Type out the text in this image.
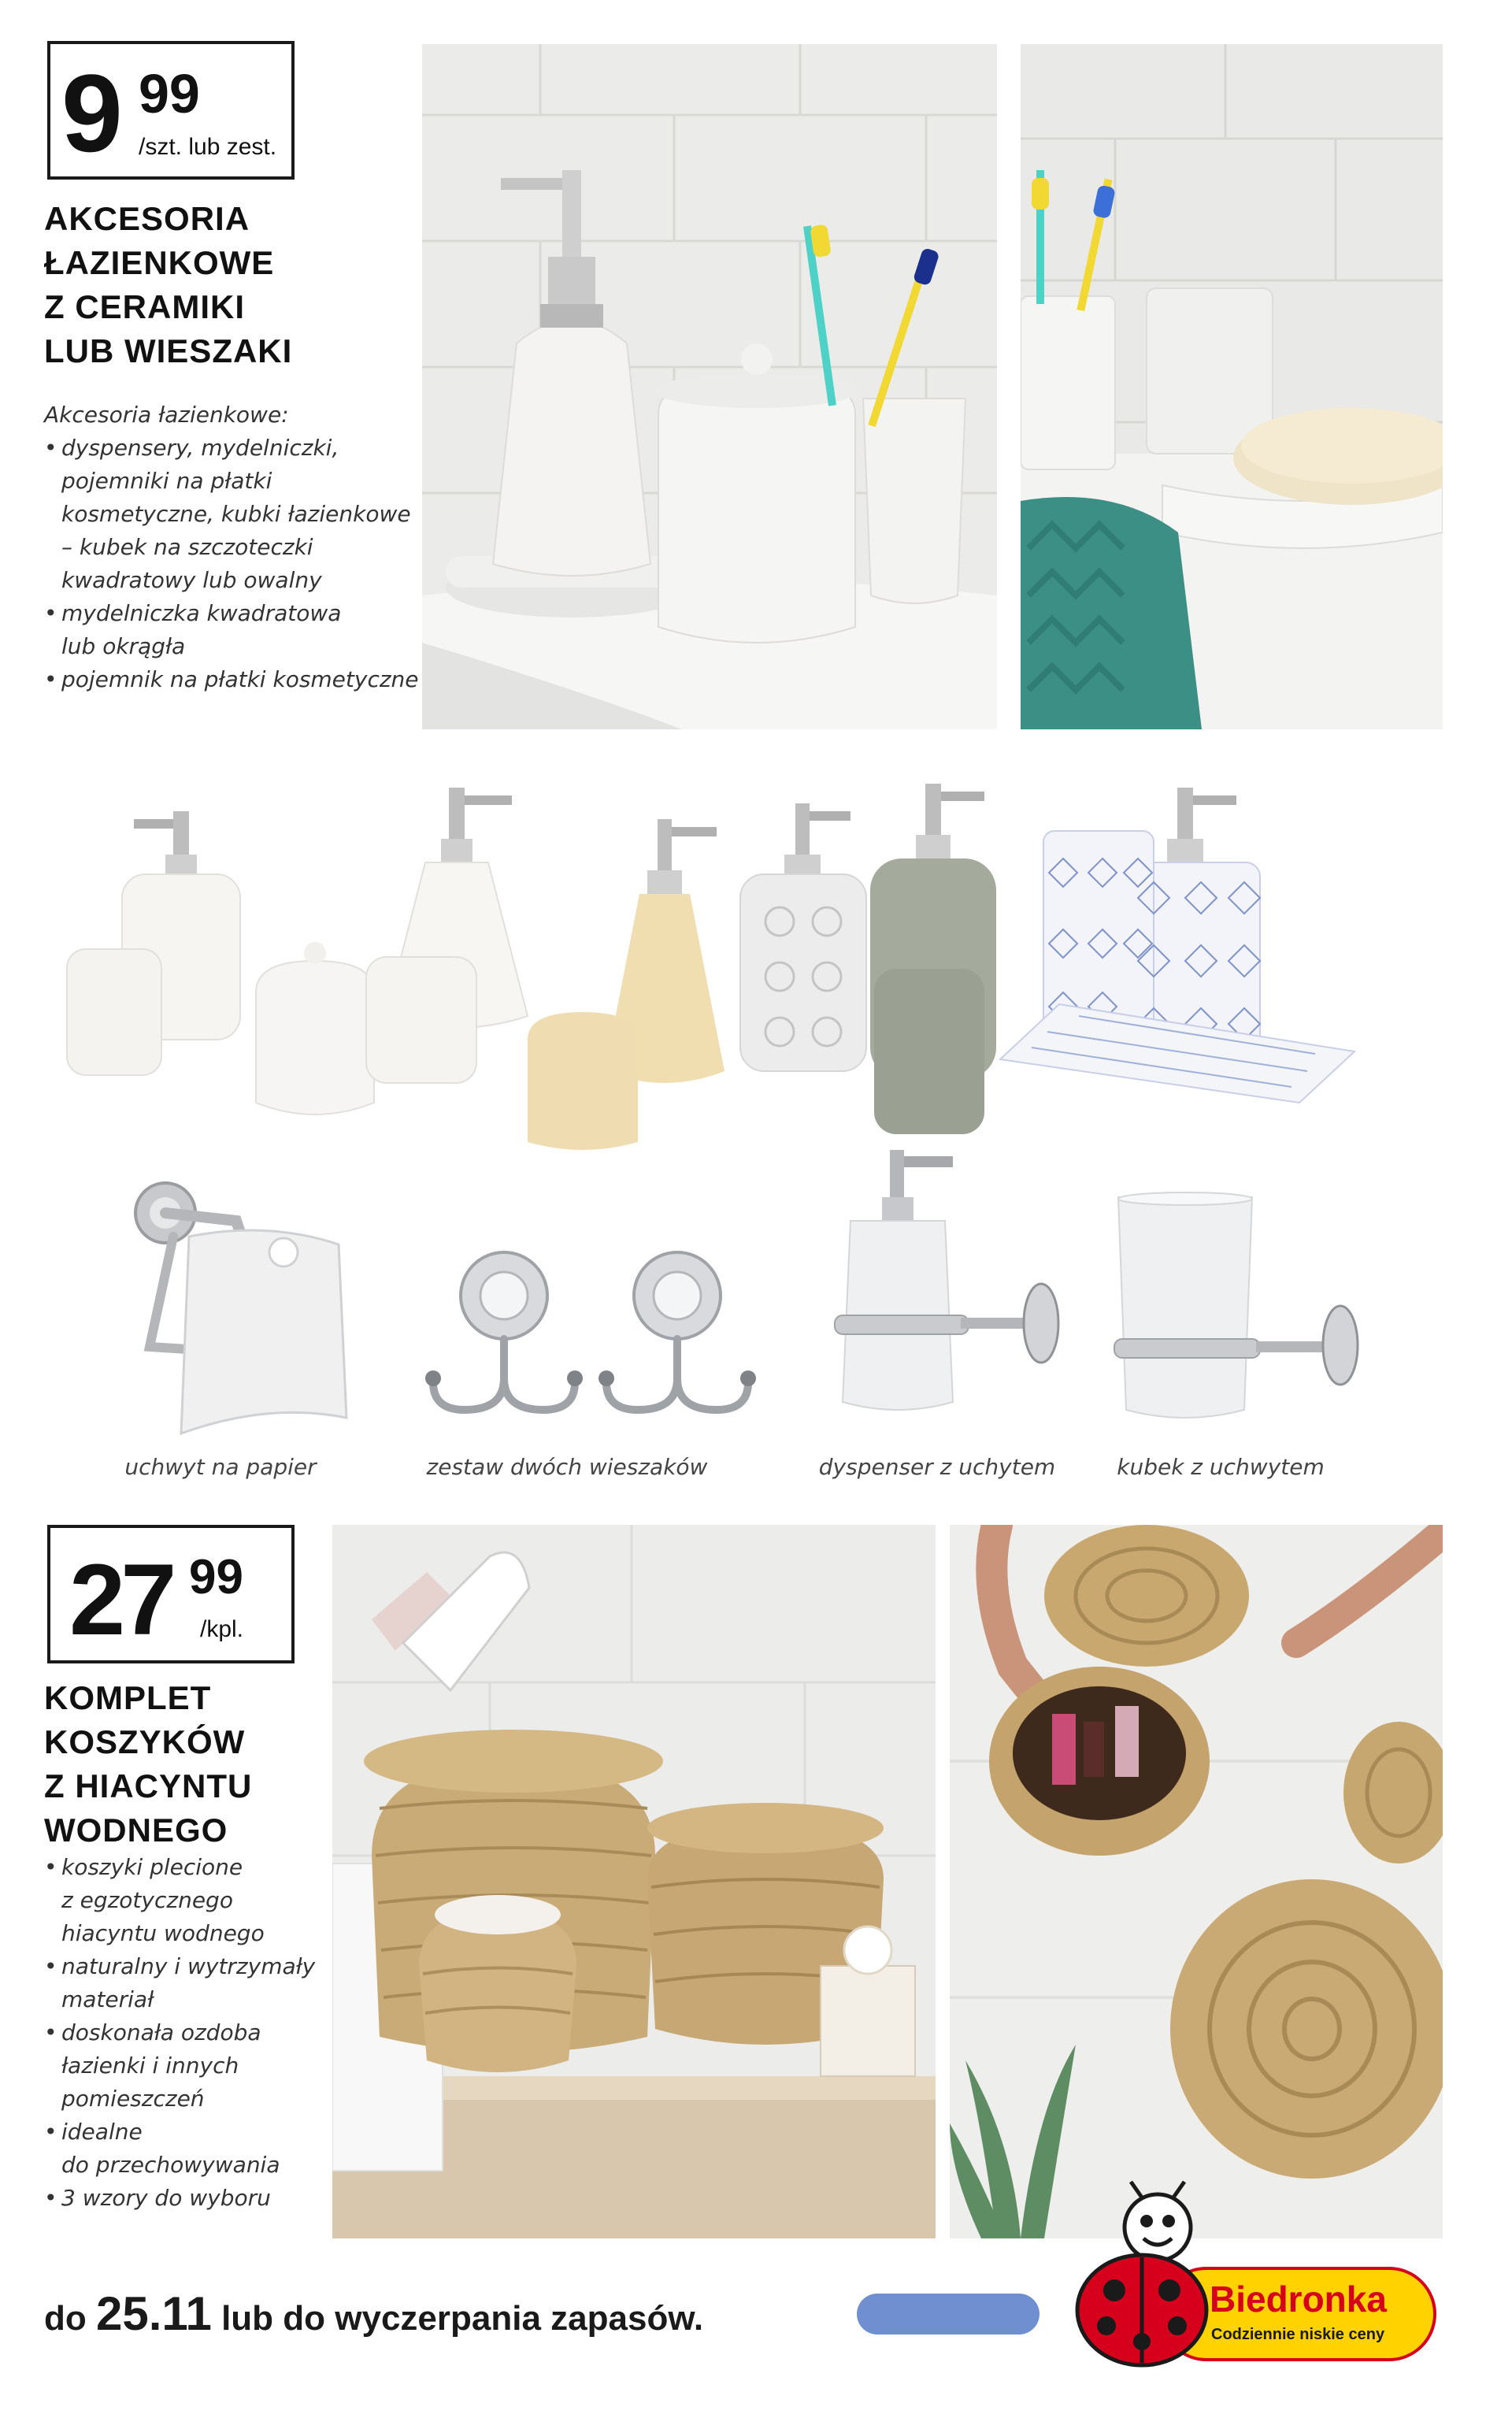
9 99
/szt. lub zest.
AKCESORIA
ŁAZIENKOWE
Z CERAMIKI
LUB WIESZAKI
Akcesoria łazienkowe:
• dyspensery, mydelniczki,
pojemniki na płatki
kosmetyczne, kubki łazienkowe
– kubek na szczoteczki
kwadratowy lub owalny
• mydelniczka kwadratowa
lub okrągła
• pojemnik na płatki kosmetyczne
uchwyt na papier	zestaw dwóch wieszaków	dyspenser z uchytem	kubek z uchwytem
27 99
/kpl.
KOMPLET
KOSZYKÓW
Z HIACYNTU
WODNEGO
• koszyki plecione
z egzotycznego
hiacyntu wodnego
• naturalny i wytrzymały
materiał
• doskonała ozdoba
łazienki i innych
pomieszczeń
• idealne
do przechowywania
• 3 wzory do wyboru
do 25.11 lub do wyczerpania zapasów.	Biedronka
Codziennie niskie ceny
